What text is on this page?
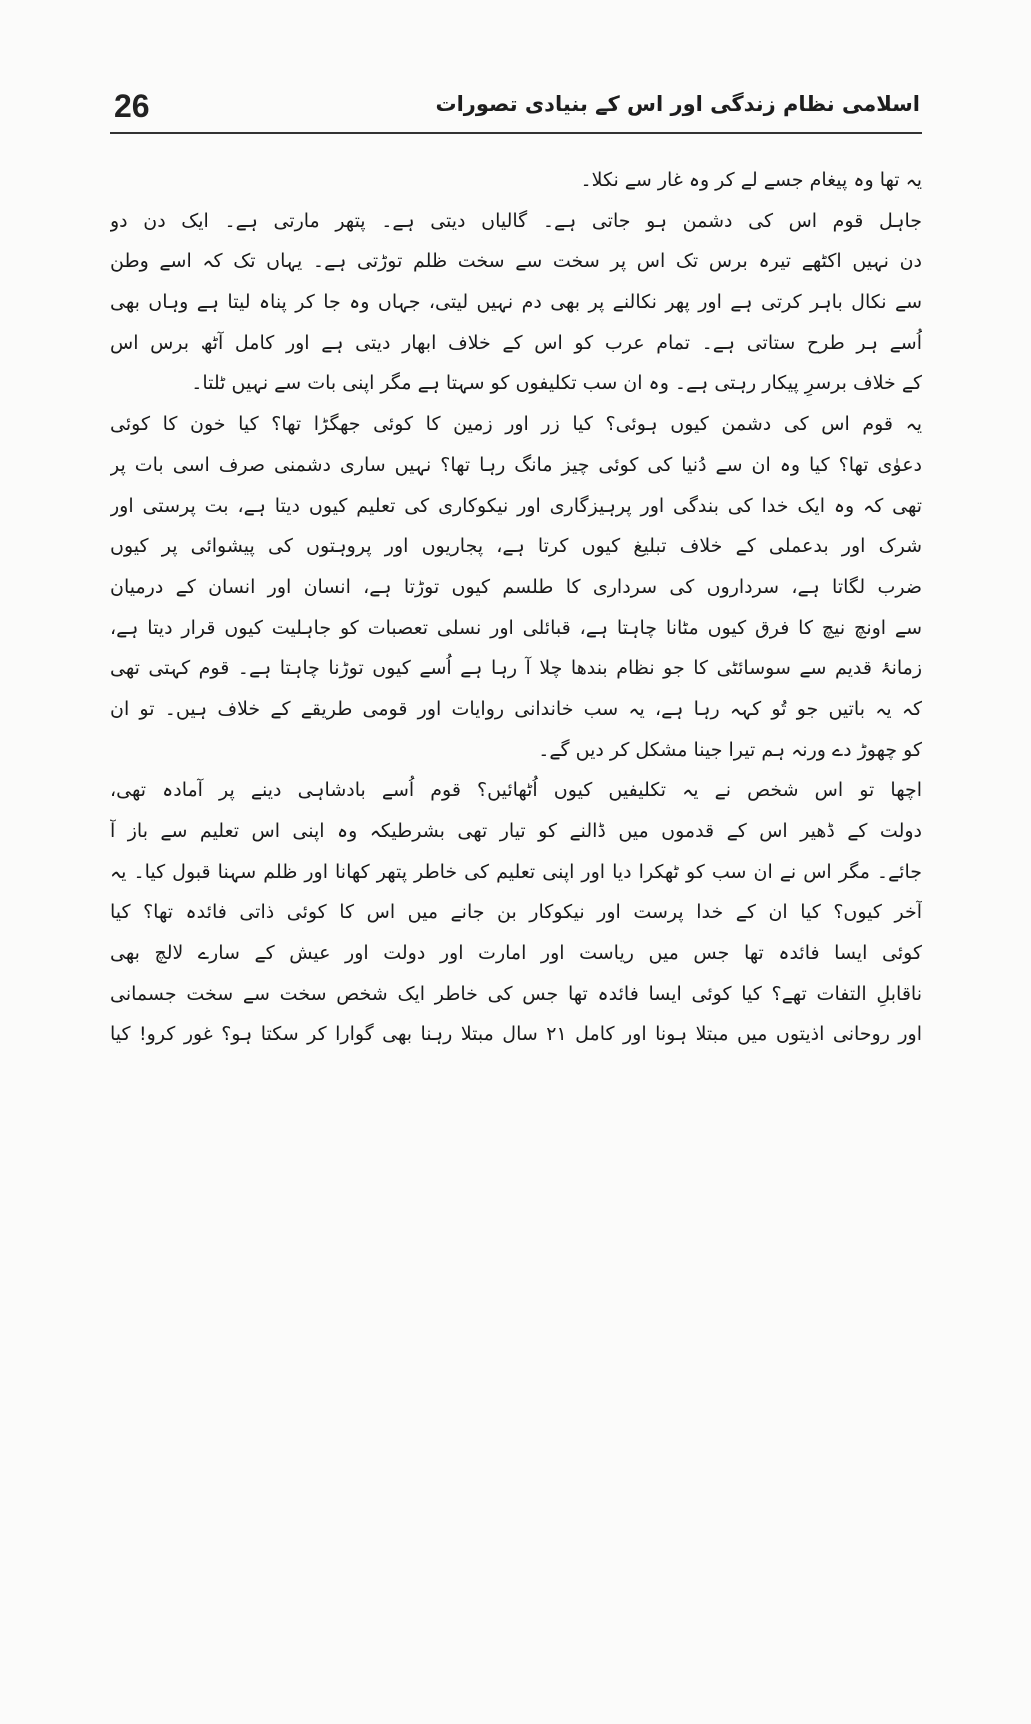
26	اسلامی نظام زندگی اور اس کے بنیادی تصورات
یہ تھا وہ پیغام جسے لے کر وہ غار سے نکلا۔
جاہل قوم اس کی دشمن ہو جاتی ہے۔ گالیاں دیتی ہے۔ پتھر مارتی ہے۔ ایک دن دو
دن نہیں اکٹھے تیرہ برس تک اس پر سخت سے سخت ظلم توڑتی ہے۔ یہاں تک کہ اسے وطن
سے نکال باہر کرتی ہے اور پھر نکالنے پر بھی دم نہیں لیتی، جہاں وہ جا کر پناہ لیتا ہے وہاں بھی
اُسے ہر طرح ستاتی ہے۔ تمام عرب کو اس کے خلاف ابھار دیتی ہے اور کامل آٹھ برس اس
کے خلاف برسرِ پیکار رہتی ہے۔ وہ ان سب تکلیفوں کو سہتا ہے مگر اپنی بات سے نہیں ٹلتا۔
یہ قوم اس کی دشمن کیوں ہوئی؟ کیا زر اور زمین کا کوئی جھگڑا تھا؟ کیا خون کا کوئی
دعوٰی تھا؟ کیا وہ ان سے دُنیا کی کوئی چیز مانگ رہا تھا؟ نہیں ساری دشمنی صرف اسی بات پر
تھی کہ وہ ایک خدا کی بندگی اور پرہیزگاری اور نیکوکاری کی تعلیم کیوں دیتا ہے، بت پرستی اور
شرک اور بدعملی کے خلاف تبلیغ کیوں کرتا ہے، پجاریوں اور پروہتوں کی پیشوائی پر کیوں
ضرب لگاتا ہے، سرداروں کی سرداری کا طلسم کیوں توڑتا ہے، انسان اور انسان کے درمیان
سے اونچ نیچ کا فرق کیوں مٹانا چاہتا ہے، قبائلی اور نسلی تعصبات کو جاہلیت کیوں قرار دیتا ہے،
زمانۂ قدیم سے سوسائٹی کا جو نظام بندھا چلا آ رہا ہے اُسے کیوں توڑنا چاہتا ہے۔ قوم کہتی تھی
کہ یہ باتیں جو تُو کہہ رہا ہے، یہ سب خاندانی روایات اور قومی طریقے کے خلاف ہیں۔ تو ان
کو چھوڑ دے ورنہ ہم تیرا جینا مشکل کر دیں گے۔
اچھا تو اس شخص نے یہ تکلیفیں کیوں اُٹھائیں؟ قوم اُسے بادشاہی دینے پر آمادہ تھی،
دولت کے ڈھیر اس کے قدموں میں ڈالنے کو تیار تھی بشرطیکہ وہ اپنی اس تعلیم سے باز آ
جائے۔ مگر اس نے ان سب کو ٹھکرا دیا اور اپنی تعلیم کی خاطر پتھر کھانا اور ظلم سہنا قبول کیا۔ یہ
آخر کیوں؟ کیا ان کے خدا پرست اور نیکوکار بن جانے میں اس کا کوئی ذاتی فائدہ تھا؟ کیا
کوئی ایسا فائدہ تھا جس میں ریاست اور امارت اور دولت اور عیش کے سارے لالچ بھی
ناقابلِ التفات تھے؟ کیا کوئی ایسا فائدہ تھا جس کی خاطر ایک شخص سخت سے سخت جسمانی
اور روحانی اذیتوں میں مبتلا ہونا اور کامل ۲۱ سال مبتلا رہنا بھی گوارا کر سکتا ہو؟ غور کرو! کیا
